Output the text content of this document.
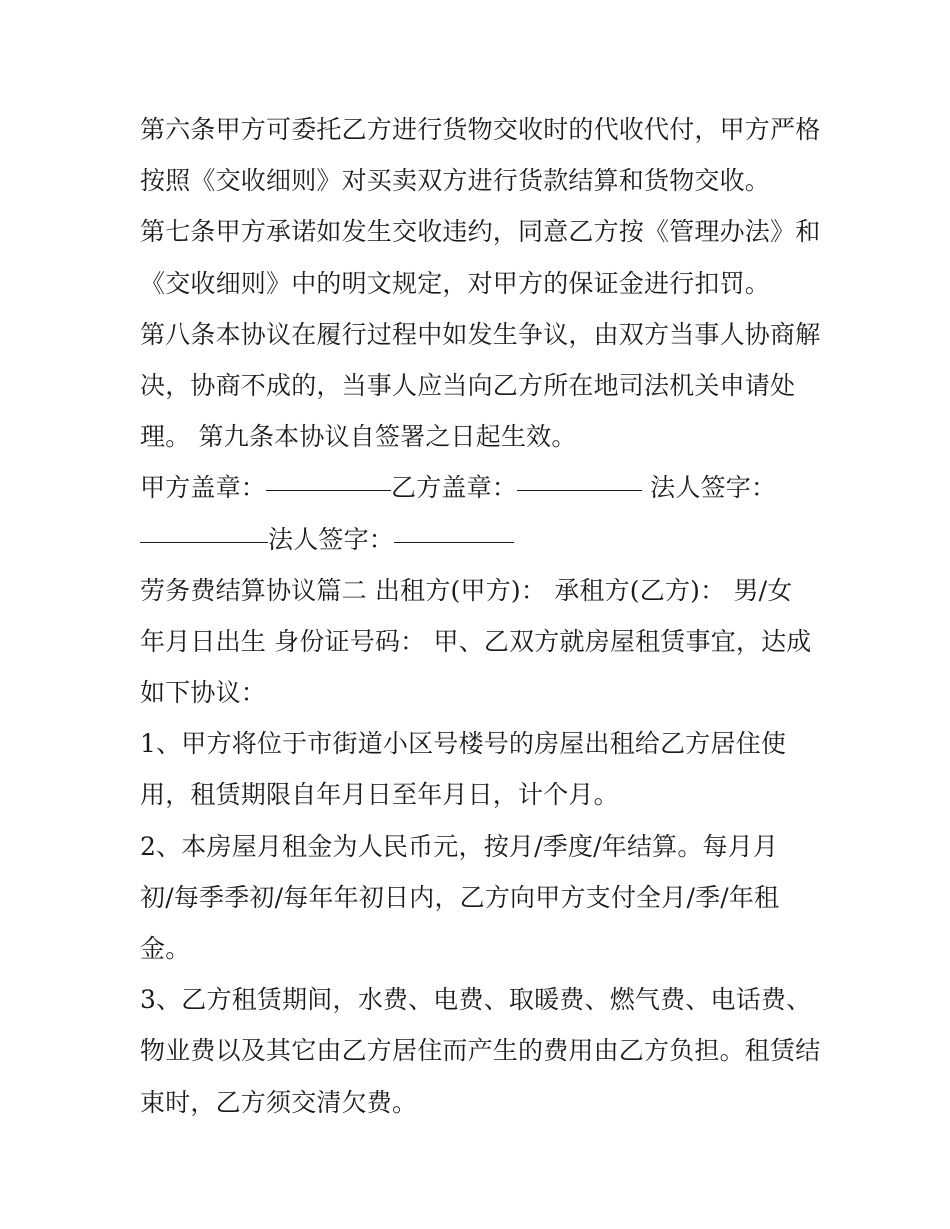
第六条甲方可委托乙方进行货物交收时的代收代付，甲方严格
按照《交收细则》对买卖双方进行货款结算和货物交收。
第七条甲方承诺如发生交收违约，同意乙方按《管理办法》和
《交收细则》中的明文规定，对甲方的保证金进行扣罚。
第八条本协议在履行过程中如发生争议，由双方当事人协商解
决，协商不成的，当事人应当向乙方所在地司法机关申请处
理。 第九条本协议自签署之日起生效。
甲方盖章：	乙方盖章：	法人签字：
法人签字：
劳务费结算协议篇二 出租方(甲方)： 承租方(乙方)： 男/女
年月日出生 身份证号码： 甲、乙双方就房屋租赁事宜，达成
如下协议：
1、甲方将位于市街道小区号楼号的房屋出租给乙方居住使
用，租赁期限自年月日至年月日，计个月。
2、本房屋月租金为人民币元，按月/季度/年结算。每月月
初/每季季初/每年年初日内，乙方向甲方支付全月/季/年租
金。
3、乙方租赁期间，水费、电费、取暖费、燃气费、电话费、
物业费以及其它由乙方居住而产生的费用由乙方负担。租赁结
束时，乙方须交清欠费。
